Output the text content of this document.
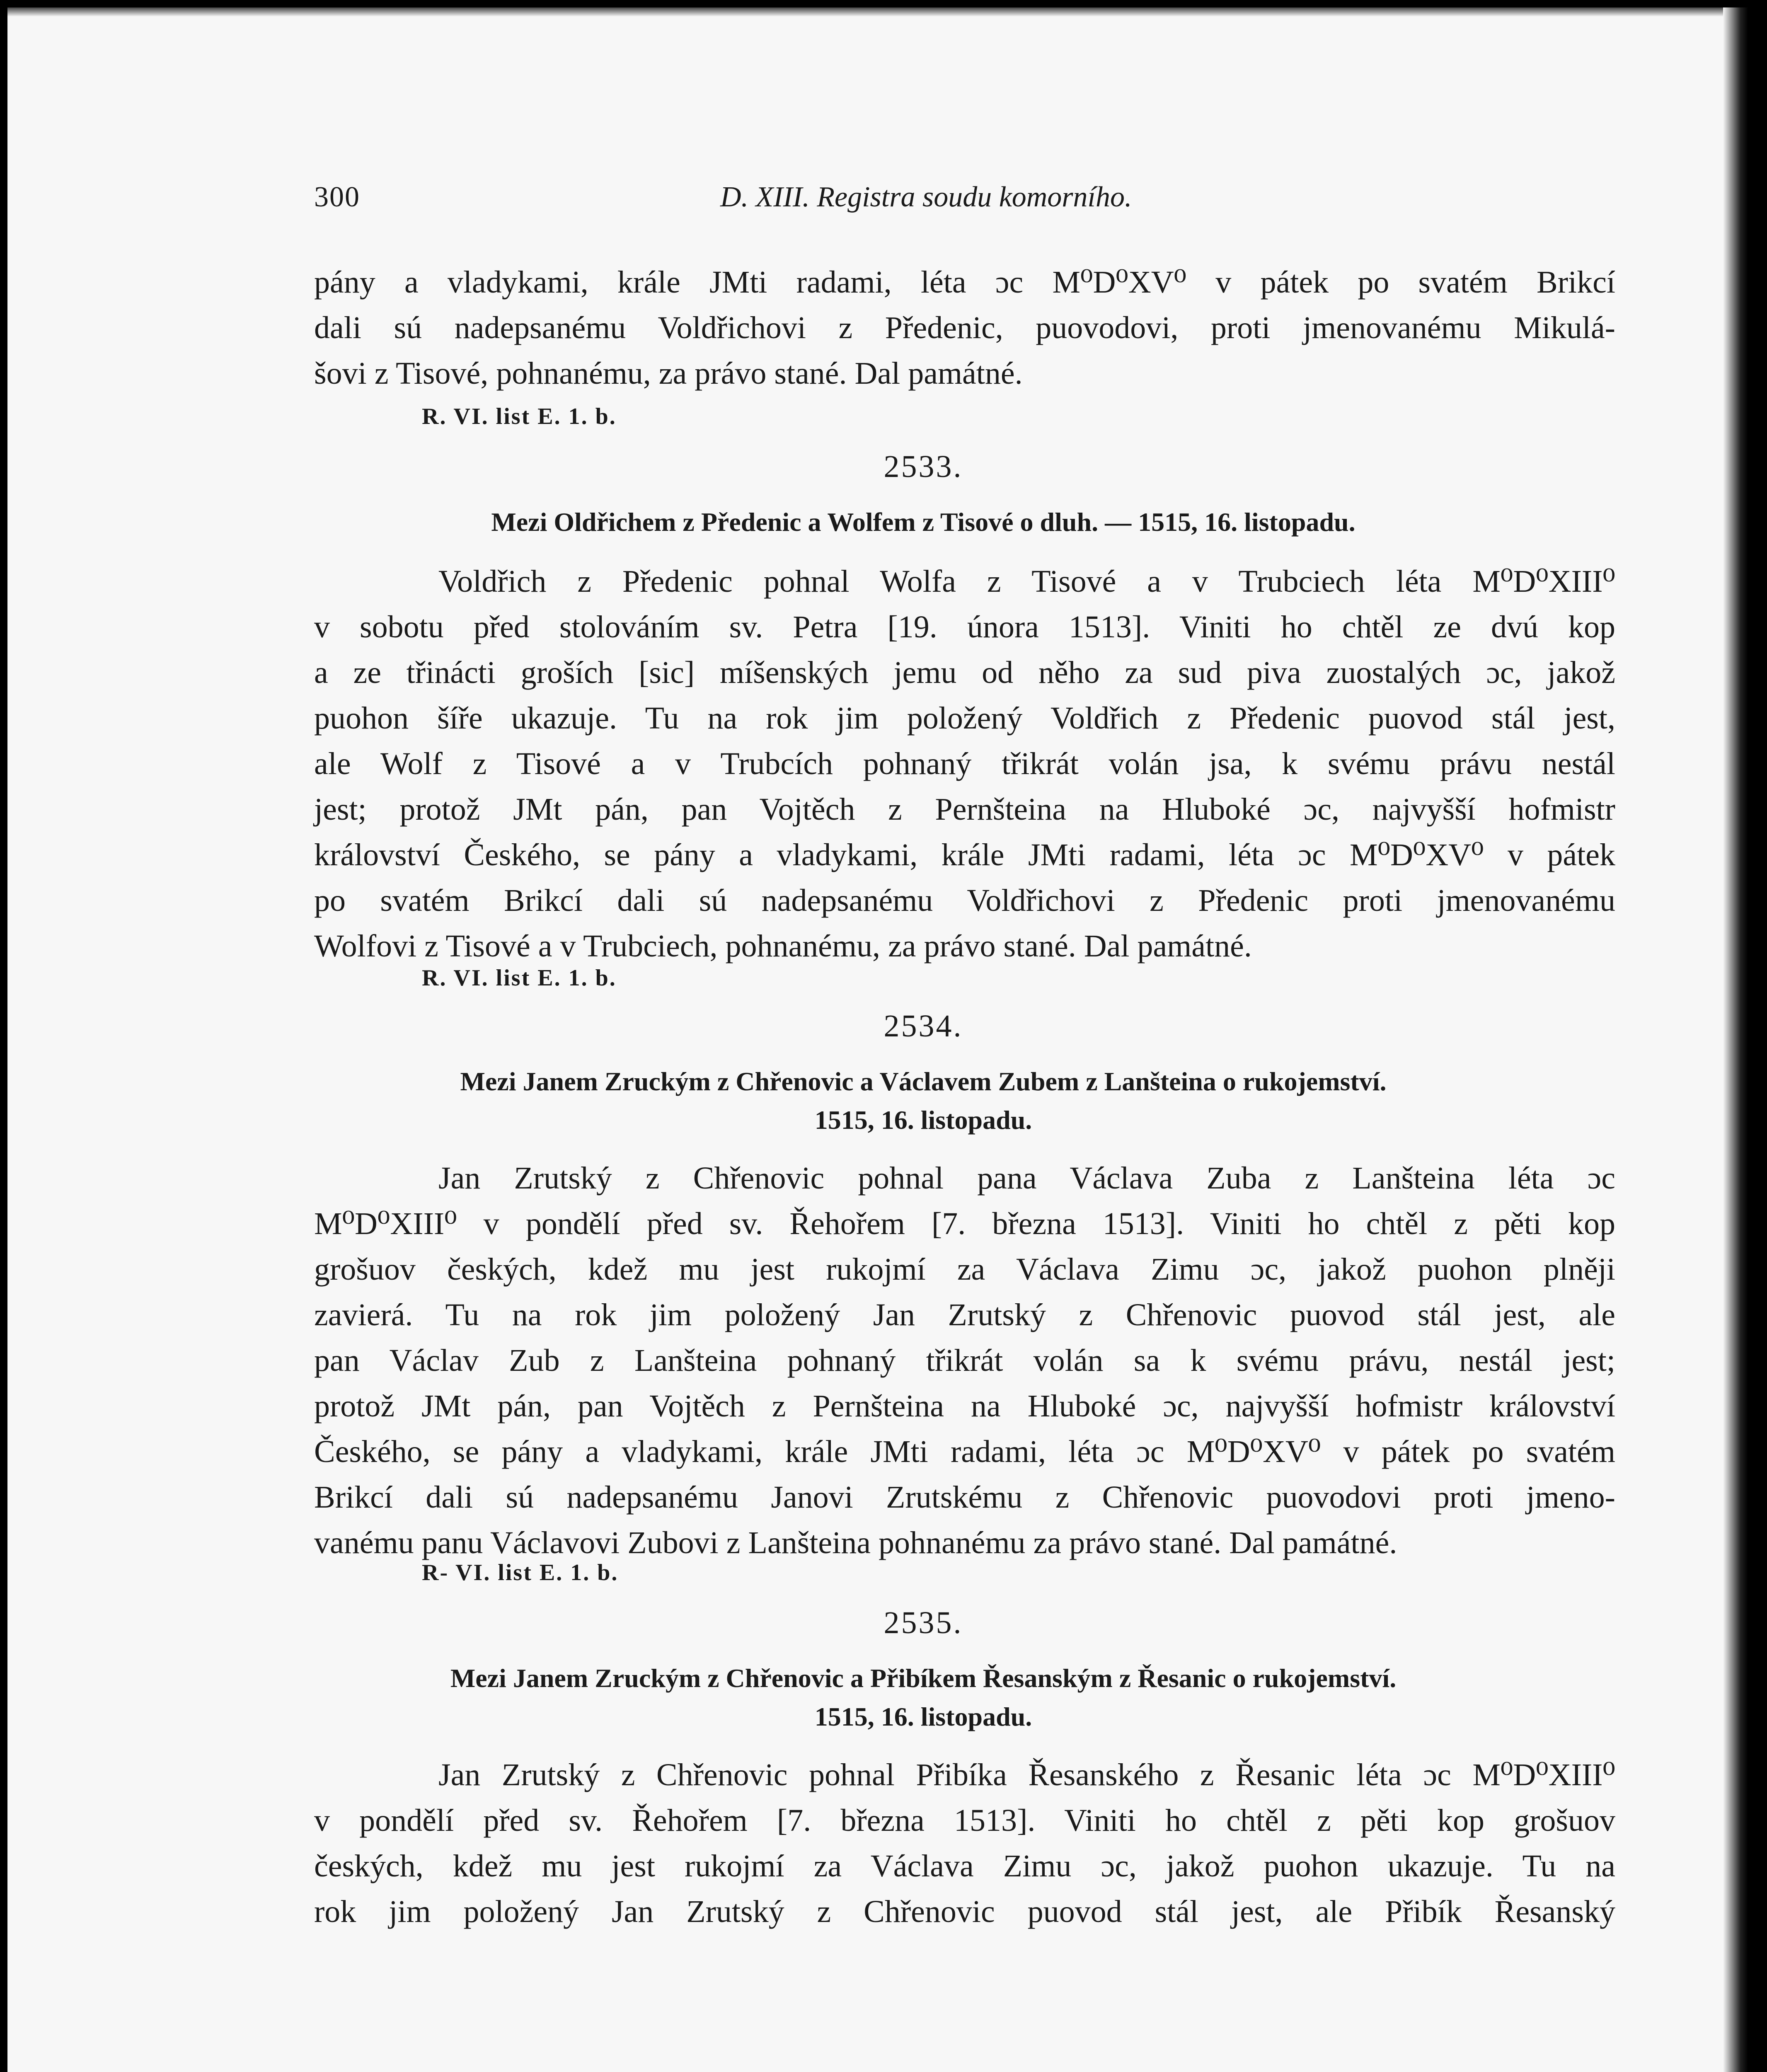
300	D. XIII. Registra soudu komorního.
pány a vladykami, krále JMti radami, léta ɔc M⁰D⁰XV⁰ v pátek po svatém Brikcí
dali sú nadepsanému Voldřichovi z Předenic, puovodovi, proti jmenovanému Mikulá-
šovi z Tisové, pohnanému, za právo stané. Dal památné.
R. VI. list E. 1. b.
2533.
Mezi Oldřichem z Předenic a Wolfem z Tisové o dluh. — 1515, 16. listopadu.
Voldřich z Předenic pohnal Wolfa z Tisové a v Trubciech léta M⁰D⁰XIII⁰
v sobotu před stolováním sv. Petra [19. února 1513]. Viniti ho chtěl ze dvú kop
a ze třinácti groších [sic] míšenských jemu od něho za sud piva zuostalých ɔc, jakož
puohon šíře ukazuje. Tu na rok jim položený Voldřich z Předenic puovod stál jest,
ale Wolf z Tisové a v Trubcích pohnaný třikrát volán jsa, k svému právu nestál
jest; protož JMt pán, pan Vojtěch z Pernšteina na Hluboké ɔc, najvyšší hofmistr
království Českého, se pány a vladykami, krále JMti radami, léta ɔc M⁰D⁰XV⁰ v pátek
po svatém Brikcí dali sú nadepsanému Voldřichovi z Předenic proti jmenovanému
Wolfovi z Tisové a v Trubciech, pohnanému, za právo stané. Dal památné.
R. VI. list E. 1. b.
2534.
Mezi Janem Zruckým z Chřenovic a Václavem Zubem z Lanšteina o rukojemství.
1515, 16. listopadu.
Jan Zrutský z Chřenovic pohnal pana Václava Zuba z Lanšteina léta ɔc
M⁰D⁰XIII⁰ v pondělí před sv. Řehořem [7. března 1513]. Viniti ho chtěl z pěti kop
grošuov českých, kdež mu jest rukojmí za Václava Zimu ɔc, jakož puohon plněji
zavierá. Tu na rok jim položený Jan Zrutský z Chřenovic puovod stál jest, ale
pan Václav Zub z Lanšteina pohnaný třikrát volán sa k svému právu, nestál jest;
protož JMt pán, pan Vojtěch z Pernšteina na Hluboké ɔc, najvyšší hofmistr království
Českého, se pány a vladykami, krále JMti radami, léta ɔc M⁰D⁰XV⁰ v pátek po svatém
Brikcí dali sú nadepsanému Janovi Zrutskému z Chřenovic puovodovi proti jmeno-
vanému panu Václavovi Zubovi z Lanšteina pohnanému za právo stané. Dal památné.
R- VI. list E. 1. b.
2535.
Mezi Janem Zruckým z Chřenovic a Přibíkem Řesanským z Řesanic o rukojemství.
1515, 16. listopadu.
Jan Zrutský z Chřenovic pohnal Přibíka Řesanského z Řesanic léta ɔc M⁰D⁰XIII⁰
v pondělí před sv. Řehořem [7. března 1513]. Viniti ho chtěl z pěti kop grošuov
českých, kdež mu jest rukojmí za Václava Zimu ɔc, jakož puohon ukazuje. Tu na
rok jim položený Jan Zrutský z Chřenovic puovod stál jest, ale Přibík Řesanský
